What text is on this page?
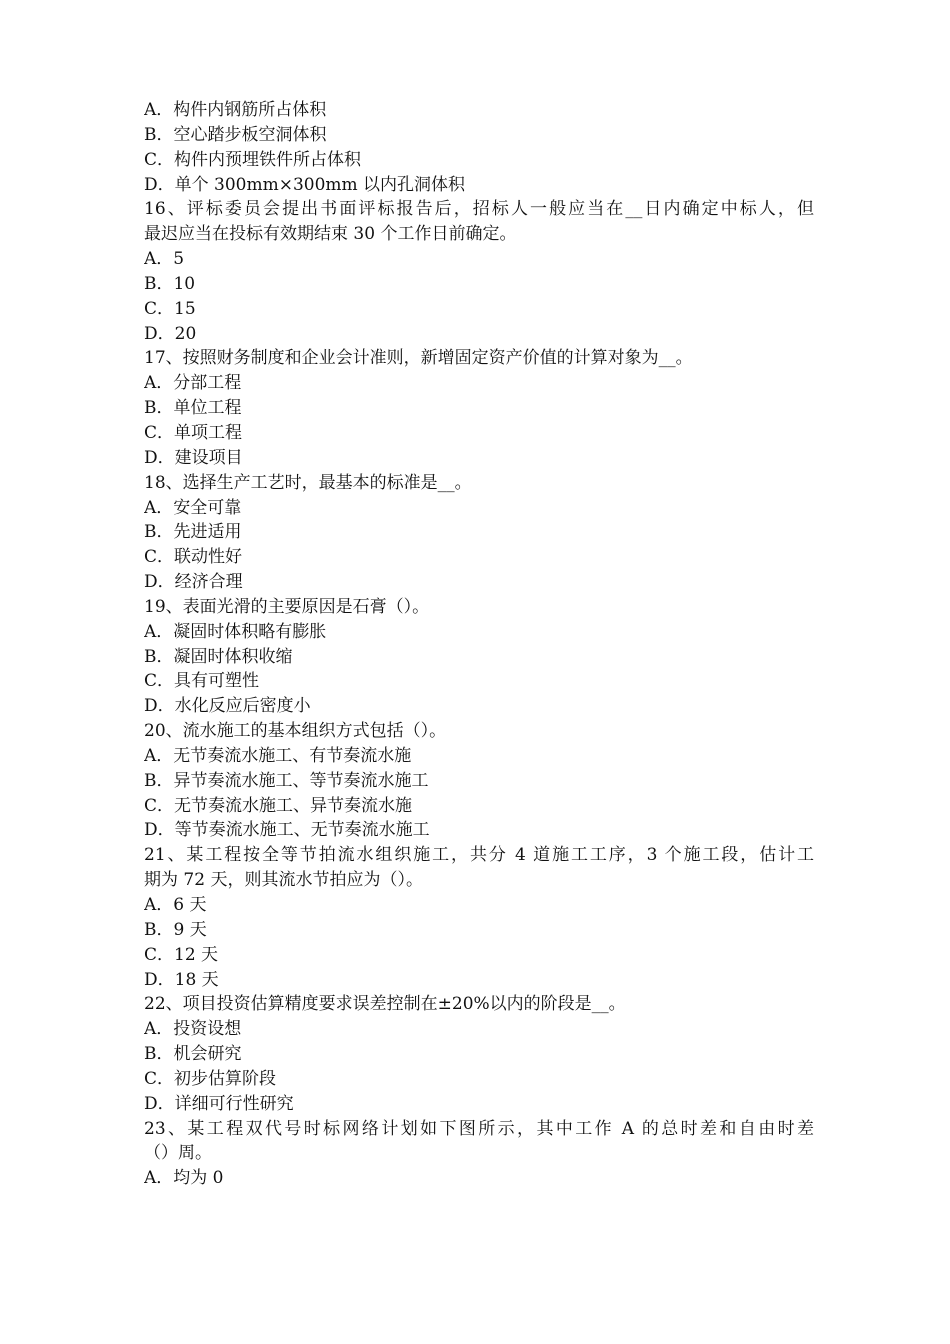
A．构件内钢筋所占体积
B．空心踏步板空洞体积
C．构件内预埋铁件所占体积
D．单个 300mm×300mm 以内孔洞体积
16、评标委员会提出书面评标报告后，招标人一般应当在__日内确定中标人，但
最迟应当在投标有效期结束 30 个工作日前确定。
A．5
B．10
C．15
D．20
17、按照财务制度和企业会计准则，新增固定资产价值的计算对象为__。
A．分部工程
B．单位工程
C．单项工程
D．建设项目
18、选择生产工艺时，最基本的标准是__。
A．安全可靠
B．先进适用
C．联动性好
D．经济合理
19、表面光滑的主要原因是石膏（）。
A．凝固时体积略有膨胀
B．凝固时体积收缩
C．具有可塑性
D．水化反应后密度小
20、流水施工的基本组织方式包括（）。
A．无节奏流水施工、有节奏流水施
B．异节奏流水施工、等节奏流水施工
C．无节奏流水施工、异节奏流水施
D．等节奏流水施工、无节奏流水施工
21、某工程按全等节拍流水组织施工，共分 4 道施工工序，3 个施工段，估计工
期为 72 天，则其流水节拍应为（）。
A．6 天
B．9 天
C．12 天
D．18 天
22、项目投资估算精度要求误差控制在±20%以内的阶段是__。
A．投资设想
B．机会研究
C．初步估算阶段
D．详细可行性研究
23、某工程双代号时标网络计划如下图所示，其中工作 A 的总时差和自由时差
（）周。
A．均为 0
